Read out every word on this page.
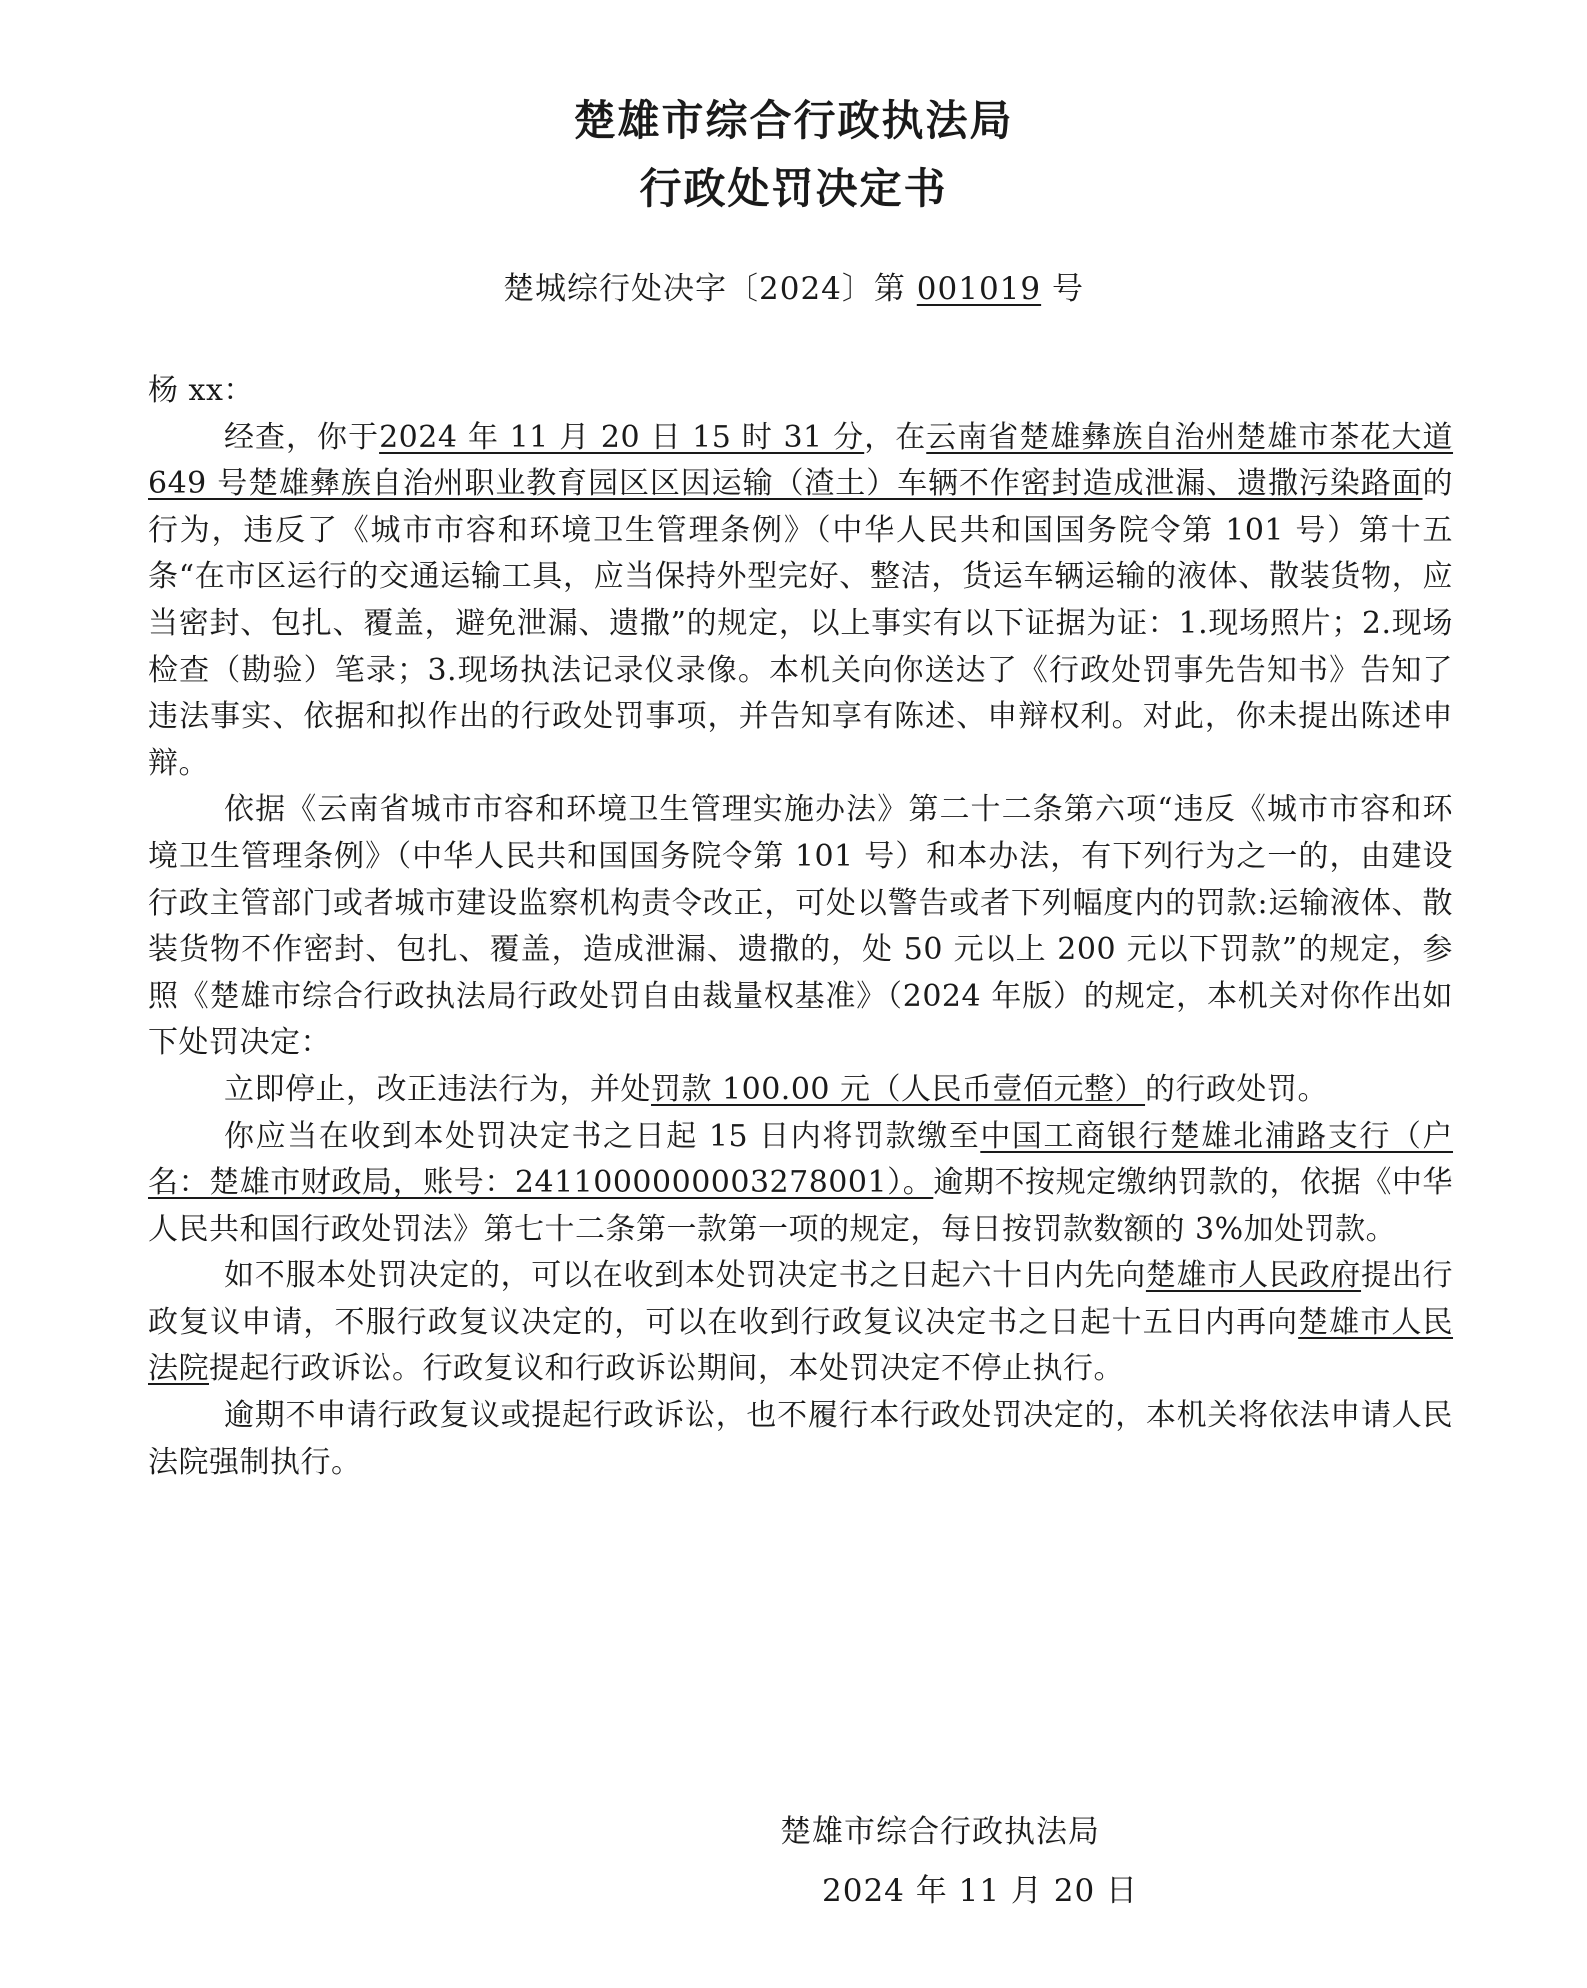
楚雄市综合行政执法局
行政处罚决定书
楚城综行处决字〔2024〕第 001019 号

杨 xx：

经查，你于2024 年 11 月 20 日 15 时 31 分，在云南省楚雄彝族自治州楚雄市茶花大道 649 号楚雄彝族自治州职业教育园区区因运输（渣土）车辆不作密封造成泄漏、遗撒污染路面的行为，违反了《城市市容和环境卫生管理条例》（中华人民共和国国务院令第 101 号）第十五条“在市区运行的交通运输工具，应当保持外型完好、整洁，货运车辆运输的液体、散装货物，应当密封、包扎、覆盖，避免泄漏、遗撒”的规定，以上事实有以下证据为证：1.现场照片；2.现场检查（勘验）笔录；3.现场执法记录仪录像。本机关向你送达了《行政处罚事先告知书》告知了违法事实、依据和拟作出的行政处罚事项，并告知享有陈述、申辩权利。对此，你未提出陈述申辩。

依据《云南省城市市容和环境卫生管理实施办法》第二十二条第六项“违反《城市市容和环境卫生管理条例》（中华人民共和国国务院令第 101 号）和本办法，有下列行为之一的，由建设行政主管部门或者城市建设监察机构责令改正，可处以警告或者下列幅度内的罚款:运输液体、散装货物不作密封、包扎、覆盖，造成泄漏、遗撒的，处 50 元以上 200 元以下罚款”的规定，参照《楚雄市综合行政执法局行政处罚自由裁量权基准》（2024 年版）的规定，本机关对你作出如下处罚决定：

立即停止，改正违法行为，并处罚款 100.00 元（人民币壹佰元整）的行政处罚。

你应当在收到本处罚决定书之日起 15 日内将罚款缴至中国工商银行楚雄北浦路支行（户名：楚雄市财政局，账号：2411000000003278001）。逾期不按规定缴纳罚款的，依据《中华人民共和国行政处罚法》第七十二条第一款第一项的规定，每日按罚款数额的 3%加处罚款。

如不服本处罚决定的，可以在收到本处罚决定书之日起六十日内先向楚雄市人民政府提出行政复议申请，不服行政复议决定的，可以在收到行政复议决定书之日起十五日内再向楚雄市人民法院提起行政诉讼。行政复议和行政诉讼期间，本处罚决定不停止执行。

逾期不申请行政复议或提起行政诉讼，也不履行本行政处罚决定的，本机关将依法申请人民法院强制执行。

楚雄市综合行政执法局
2024 年 11 月 20 日
